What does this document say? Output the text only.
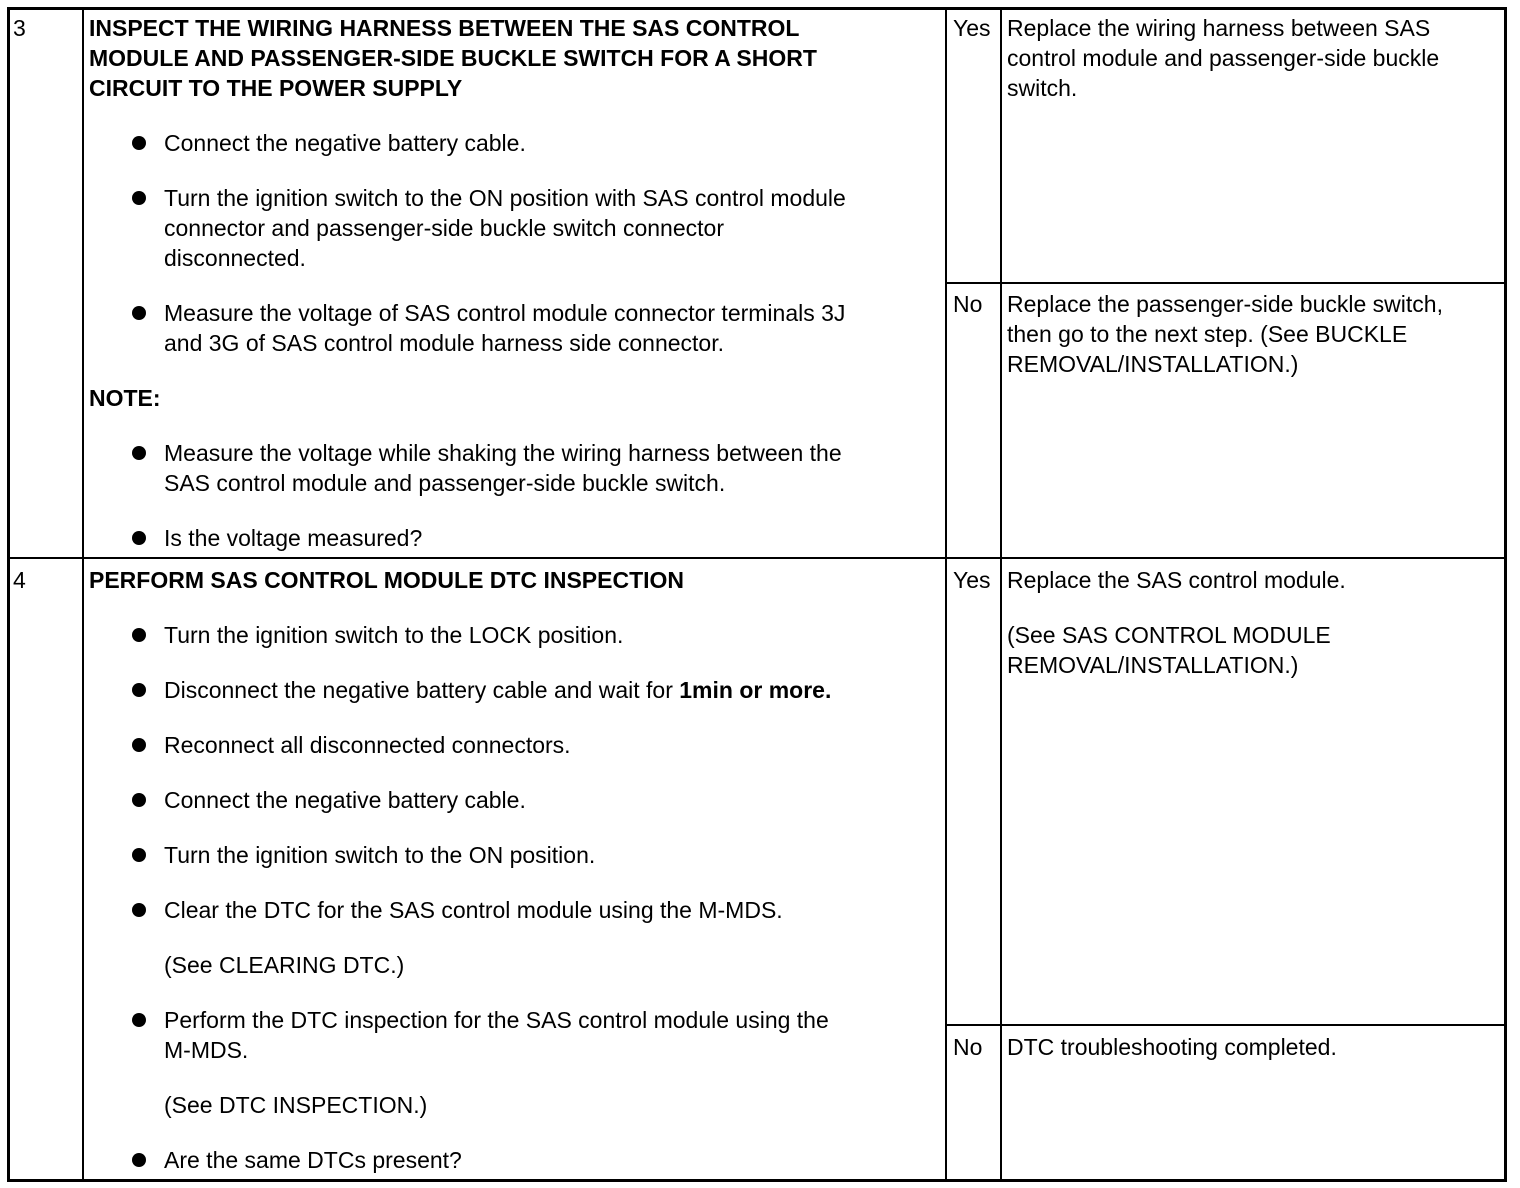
3	INSPECT THE WIRING HARNESS BETWEEN THE SAS CONTROL
MODULE AND PASSENGER-SIDE BUCKLE SWITCH FOR A SHORT
CIRCUIT TO THE POWER SUPPLY
Connect the negative battery cable.
Turn the ignition switch to the ON position with SAS control module
connector and passenger-side buckle switch connector
disconnected.
Measure the voltage of SAS control module connector terminals 3J
and 3G of SAS control module harness side connector.
NOTE:
Measure the voltage while shaking the wiring harness between the
SAS control module and passenger-side buckle switch.
Is the voltage measured?
Yes Replace the wiring harness between SAS
control module and passenger-side buckle
switch.
No Replace the passenger-side buckle switch,
then go to the next step. (See BUCKLE
REMOVAL/INSTALLATION.)
4	PERFORM SAS CONTROL MODULE DTC INSPECTION
Turn the ignition switch to the LOCK position.
Disconnect the negative battery cable and wait for 1min or more.
Reconnect all disconnected connectors.
Connect the negative battery cable.
Turn the ignition switch to the ON position.
Clear the DTC for the SAS control module using the M-MDS.
(See CLEARING DTC.)
Perform the DTC inspection for the SAS control module using the
M-MDS.
(See DTC INSPECTION.)
Are the same DTCs present?
Yes Replace the SAS control module.
(See SAS CONTROL MODULE
REMOVAL/INSTALLATION.)
No DTC troubleshooting completed.
